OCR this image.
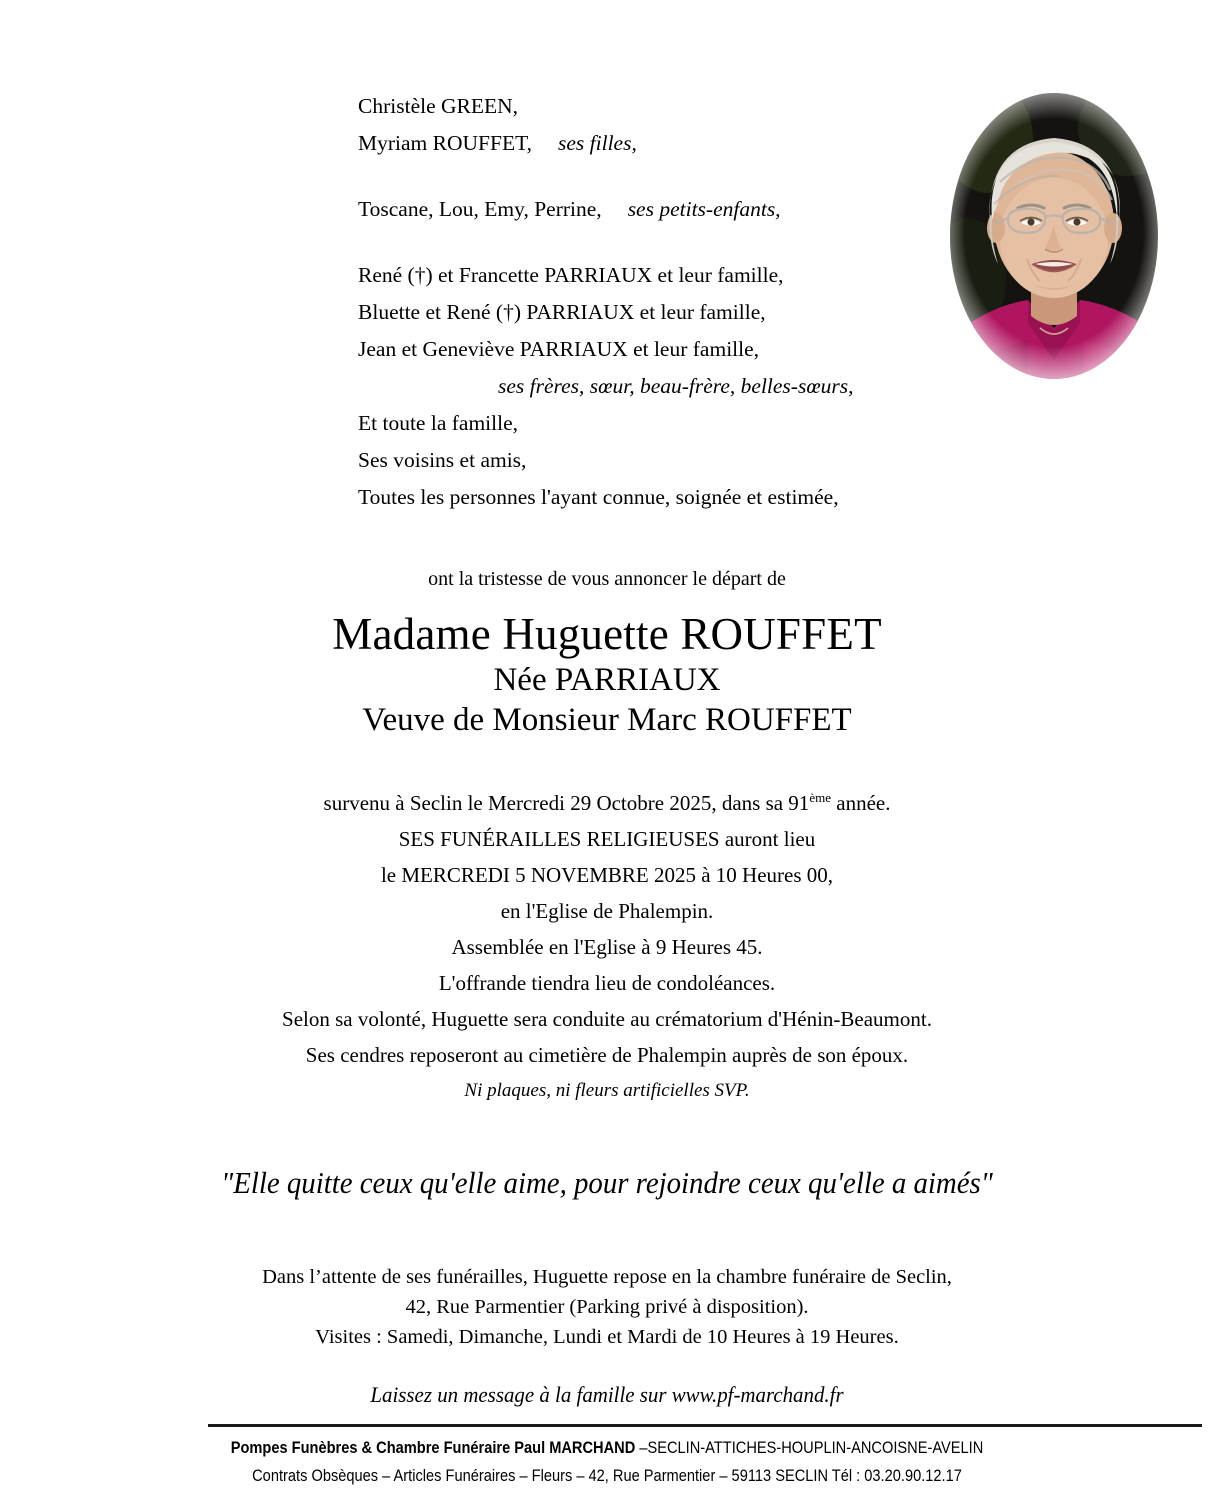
Christèle GREEN,
Myriam ROUFFET, ses filles,
Toscane, Lou, Emy, Perrine, ses petits-enfants,
René (†) et Francette PARRIAUX et leur famille,
Bluette et René (†) PARRIAUX et leur famille,
Jean et Geneviève PARRIAUX et leur famille,
ses frères, sœur, beau-frère, belles-sœurs,
Et toute la famille,
Ses voisins et amis,
Toutes les personnes l'ayant connue, soignée et estimée,
ont la tristesse de vous annoncer le départ de
Madame Huguette ROUFFET
Née PARRIAUX
Veuve de Monsieur Marc ROUFFET
survenu à Seclin le Mercredi 29 Octobre 2025, dans sa 91ème année.
SES FUNÉRAILLES RELIGIEUSES auront lieu
le MERCREDI 5 NOVEMBRE 2025 à 10 Heures 00,
en l'Eglise de Phalempin.
Assemblée en l'Eglise à 9 Heures 45.
L'offrande tiendra lieu de condoléances.
Selon sa volonté, Huguette sera conduite au crématorium d'Hénin-Beaumont.
Ses cendres reposeront au cimetière de Phalempin auprès de son époux.
Ni plaques, ni fleurs artificielles SVP.
"Elle quitte ceux qu'elle aime, pour rejoindre ceux qu'elle a aimés"
Dans l’attente de ses funérailles, Huguette repose en la chambre funéraire de Seclin,
42, Rue Parmentier (Parking privé à disposition).
Visites : Samedi, Dimanche, Lundi et Mardi de 10 Heures à 19 Heures.
Laissez un message à la famille sur www.pf-marchand.fr
Pompes Funèbres & Chambre Funéraire Paul MARCHAND –SECLIN-ATTICHES-HOUPLIN-ANCOISNE-AVELIN
Contrats Obsèques – Articles Funéraires – Fleurs – 42, Rue Parmentier – 59113 SECLIN Tél : 03.20.90.12.17
